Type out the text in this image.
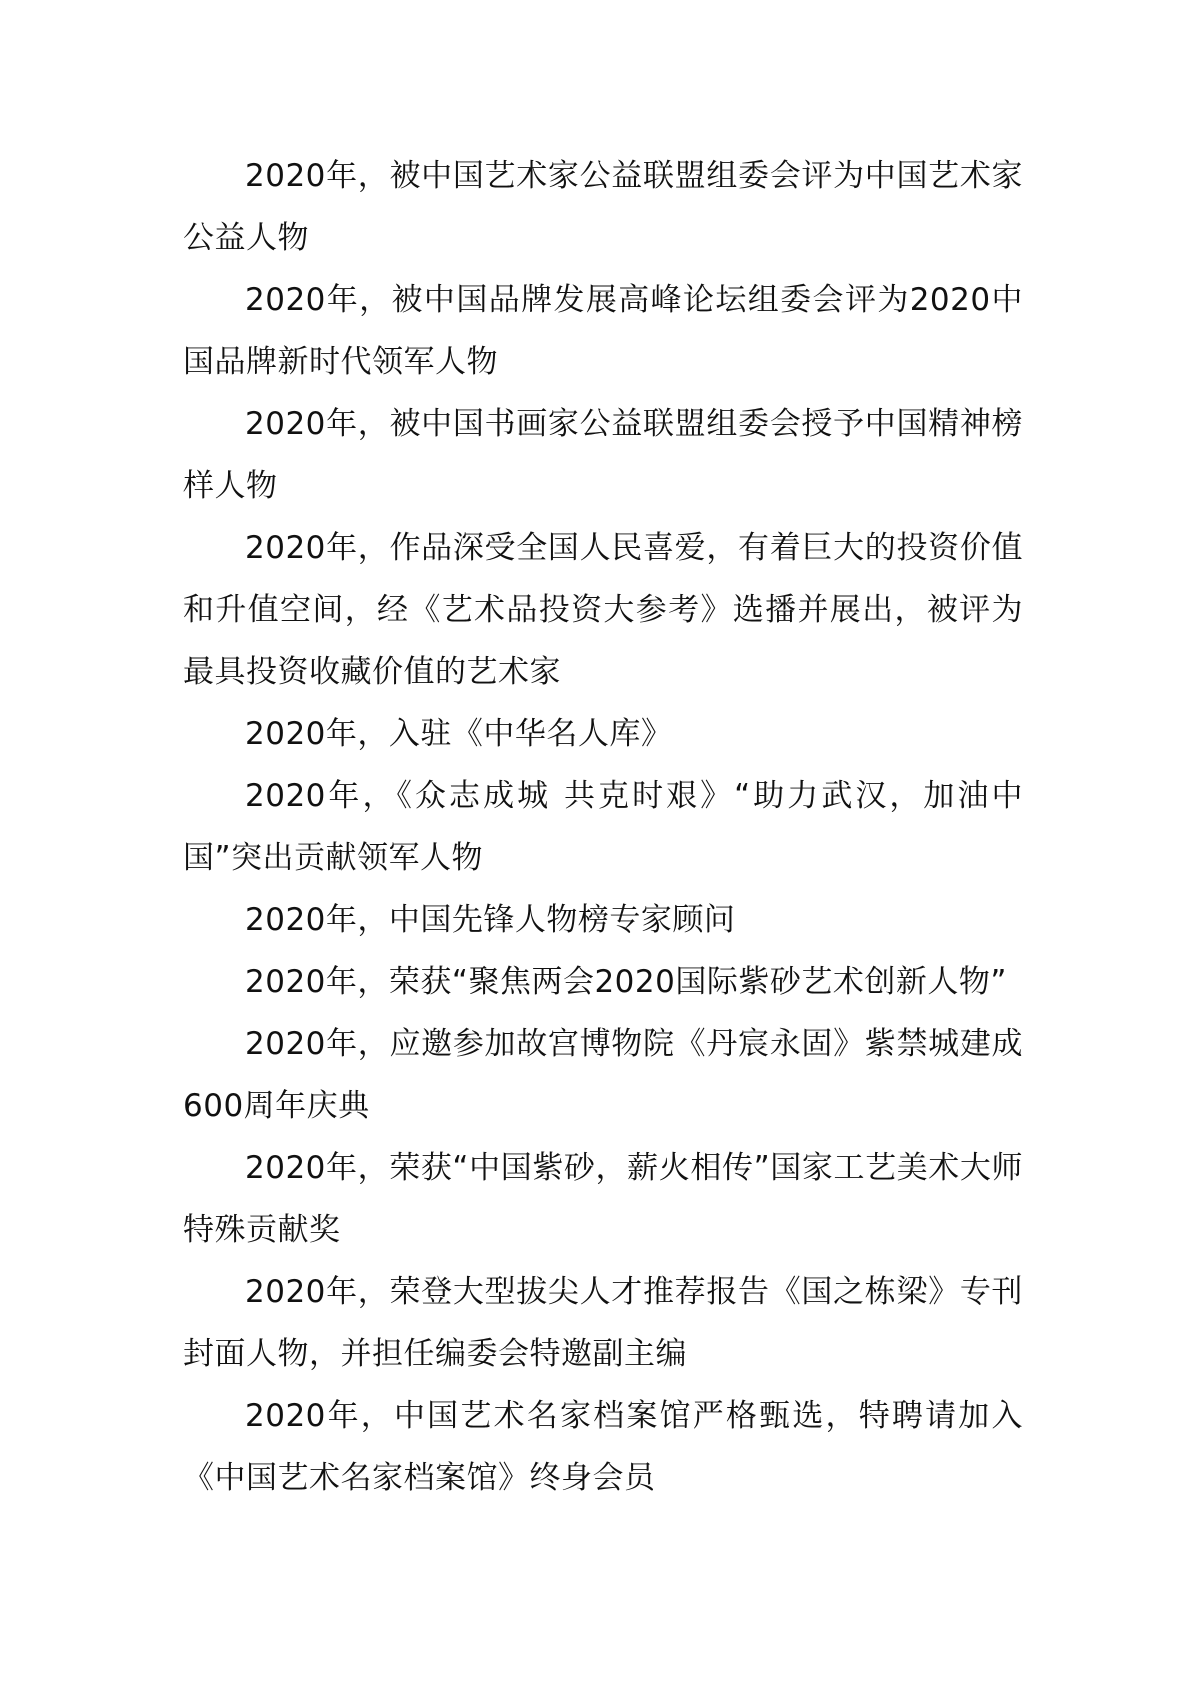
2020年，被中国艺术家公益联盟组委会评为中国艺术家公益人物

2020年，被中国品牌发展高峰论坛组委会评为2020中国品牌新时代领军人物

2020年，被中国书画家公益联盟组委会授予中国精神榜样人物

2020年，作品深受全国人民喜爱，有着巨大的投资价值和升值空间，经《艺术品投资大参考》选播并展出，被评为最具投资收藏价值的艺术家

2020年，入驻《中华名人库》

2020年，《众志成城 共克时艰》“助力武汉，加油中国”突出贡献领军人物

2020年，中国先锋人物榜专家顾问

2020年，荣获“聚焦两会2020国际紫砂艺术创新人物”

2020年，应邀参加故宫博物院《丹宸永固》紫禁城建成600周年庆典

2020年，荣获“中国紫砂，薪火相传”国家工艺美术大师特殊贡献奖

2020年，荣登大型拔尖人才推荐报告《国之栋梁》专刊封面人物，并担任编委会特邀副主编

2020年，中国艺术名家档案馆严格甄选，特聘请加入《中国艺术名家档案馆》终身会员
